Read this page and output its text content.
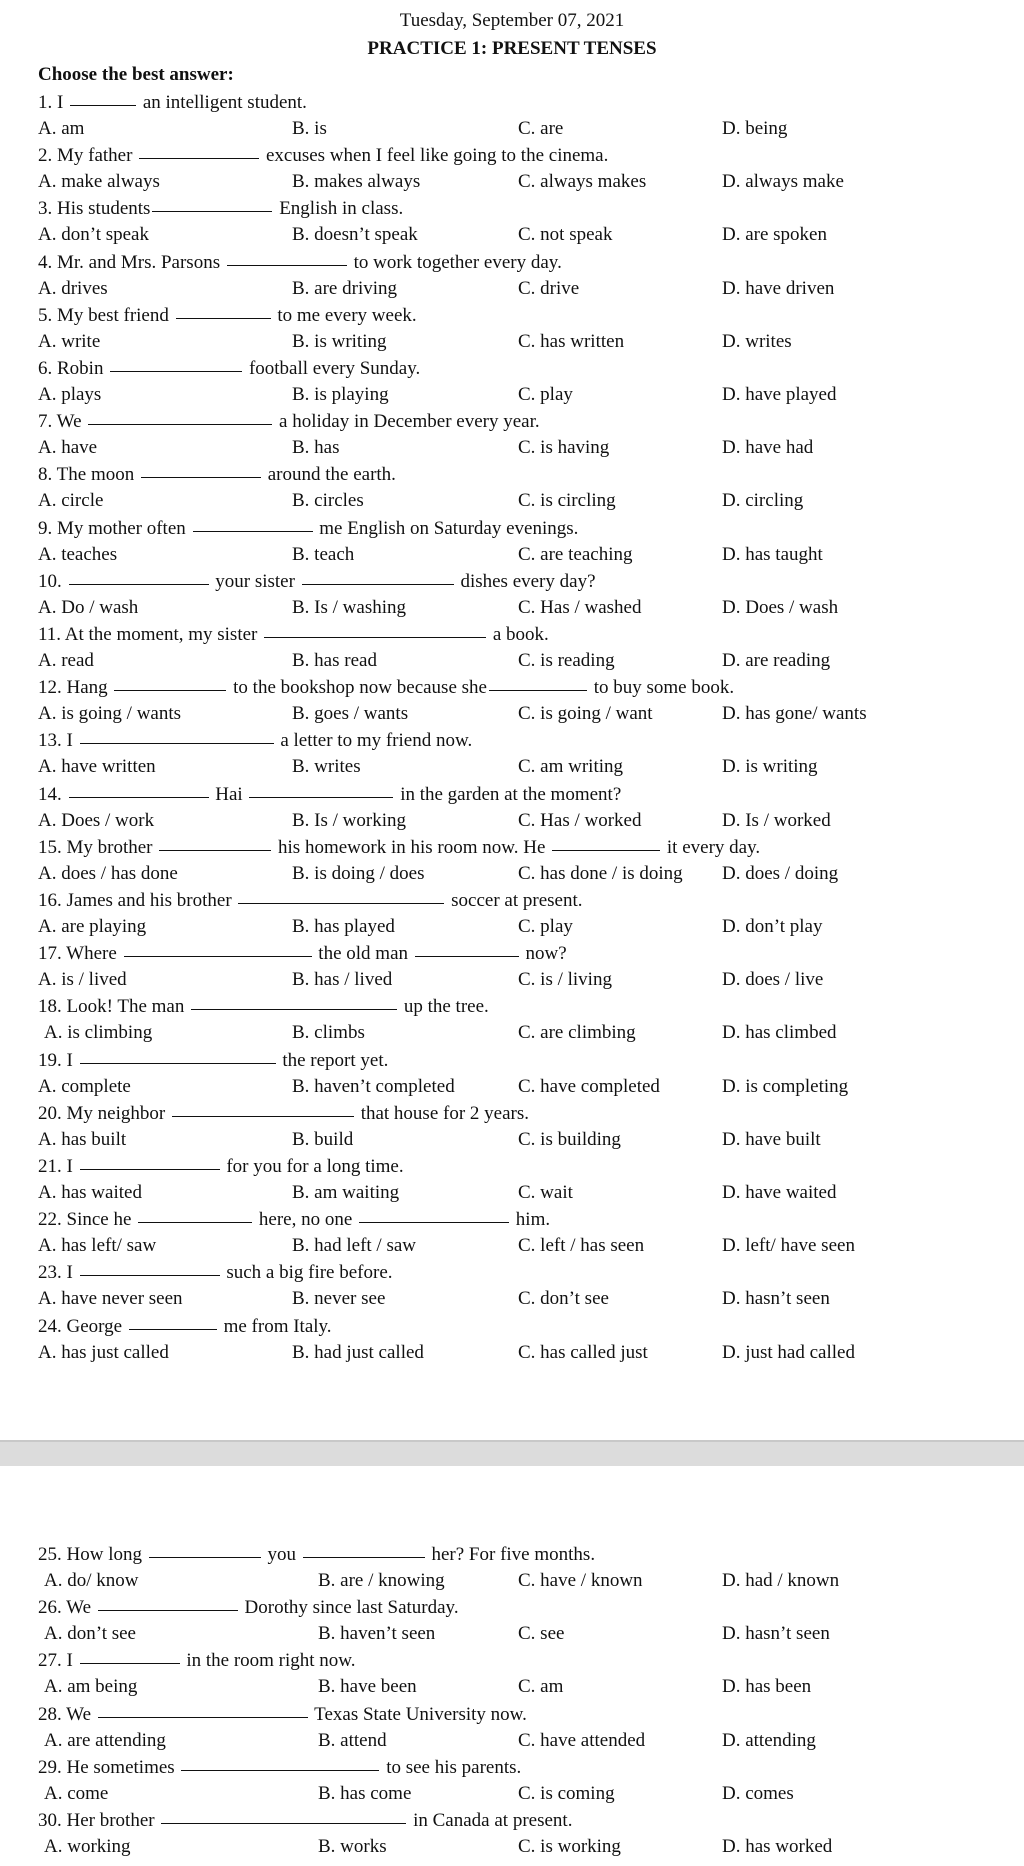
Tuesday, September 07, 2021
PRACTICE 1: PRESENT TENSES
Choose the best answer:
1. I	an intelligent student.
A. am	B. is	C. are	D. being
2. My father	excuses when I feel like going to the cinema.
A. make always	B. makes always	C. always makes	D. always make
3. His students	English in class.
A. don’t speak	B. doesn’t speak	C. not speak	D. are spoken
4. Mr. and Mrs. Parsons	to work together every day.
A. drives	B. are driving	C. drive	D. have driven
5. My best friend	to me every week.
A. write	B. is writing	C. has written	D. writes
6. Robin	football every Sunday.
A. plays	B. is playing	C. play	D. have played
7. We	a holiday in December every year.
A. have	B. has	C. is having	D. have had
8. The moon	around the earth.
A. circle	B. circles	C. is circling	D. circling
9. My mother often	me English on Saturday evenings.
A. teaches	B. teach	C. are teaching	D. has taught
10.	your sister	dishes every day?
A. Do / wash	B. Is / washing	C. Has / washed	D. Does / wash
11. At the moment, my sister	a book.
A. read	B. has read	C. is reading	D. are reading
12. Hang	to the bookshop now because she	to buy some book.
A. is going / wants	B. goes / wants	C. is going / want	D. has gone/ wants
13. I	a letter to my friend now.
A. have written	B. writes	C. am writing	D. is writing
14.	Hai	in the garden at the moment?
A. Does / work	B. Is / working	C. Has / worked	D. Is / worked
15. My brother	his homework in his room now. He	it every day.
A. does / has done	B. is doing / does	C. has done / is doing D. does / doing
16. James and his brother	soccer at present.
A. are playing	B. has played	C. play	D. don’t play
17. Where	the old man	now?
A. is / lived	B. has / lived	C. is / living	D. does / live
18. Look! The man	up the tree.
A. is climbing	B. climbs	C. are climbing	D. has climbed
19. I	the report yet.
A. complete	B. haven’t completed	C. have completed	D. is completing
20. My neighbor	that house for 2 years.
A. has built	B. build	C. is building	D. have built
21. I	for you for a long time.
A. has waited	B. am waiting	C. wait	D. have waited
22. Since he	here, no one	him.
A. has left/ saw	B. had left / saw	C. left / has seen	D. left/ have seen
23. I	such a big fire before.
A. have never seen	B. never see	C. don’t see	D. hasn’t seen
24. George	me from Italy.
A. has just called	B. had just called	C. has called just	D. just had called
25. How long	you	her? For five months.
A. do/ know	B. are / knowing	C. have / known	D. had / known
26. We	Dorothy since last Saturday.
A. don’t see	B. haven’t seen	C. see	D. hasn’t seen
27. I	in the room right now.
A. am being	B. have been	C. am	D. has been
28. We	Texas State University now.
A. are attending	B. attend	C. have attended	D. attending
29. He sometimes	to see his parents.
A. come	B. has come	C. is coming	D. comes
30. Her brother	in Canada at present.
A. working	B. works	C. is working	D. has worked
